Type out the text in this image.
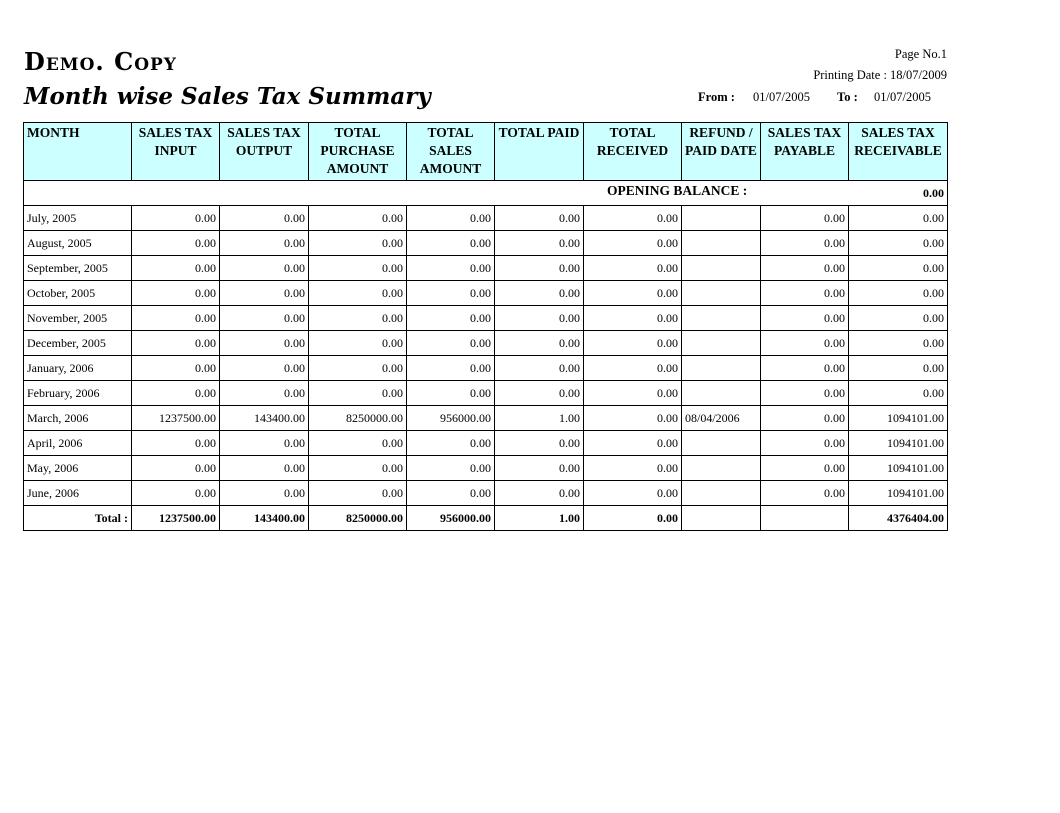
Demo. Copy
Month wise Sales Tax Summary
Page No.1
Printing Date : 18/07/2009
From : 01/07/2005 To : 01/07/2005
MONTH	SALES TAX INPUT	SALES TAX OUTPUT	TOTAL PURCHASE AMOUNT	TOTAL SALES AMOUNT	TOTAL PAID	TOTAL RECEIVED	REFUND / PAID DATE	SALES TAX PAYABLE	SALES TAX RECEIVABLE

OPENING BALANCE : 0.00									

July, 2005	0.00	0.00	0.00	0.00	0.00	0.00		0.00	0.00
August, 2005	0.00	0.00	0.00	0.00	0.00	0.00		0.00	0.00
September, 2005	0.00	0.00	0.00	0.00	0.00	0.00		0.00	0.00
October, 2005	0.00	0.00	0.00	0.00	0.00	0.00		0.00	0.00
November, 2005	0.00	0.00	0.00	0.00	0.00	0.00		0.00	0.00
December, 2005	0.00	0.00	0.00	0.00	0.00	0.00		0.00	0.00
January, 2006	0.00	0.00	0.00	0.00	0.00	0.00		0.00	0.00
February, 2006	0.00	0.00	0.00	0.00	0.00	0.00		0.00	0.00
March, 2006	1237500.00	143400.00	8250000.00	956000.00	1.00	0.00	08/04/2006	0.00	1094101.00
April, 2006	0.00	0.00	0.00	0.00	0.00	0.00		0.00	1094101.00
May, 2006	0.00	0.00	0.00	0.00	0.00	0.00		0.00	1094101.00
June, 2006	0.00	0.00	0.00	0.00	0.00	0.00		0.00	1094101.00
Total :	1237500.00	143400.00	8250000.00	956000.00	1.00	0.00			4376404.00
